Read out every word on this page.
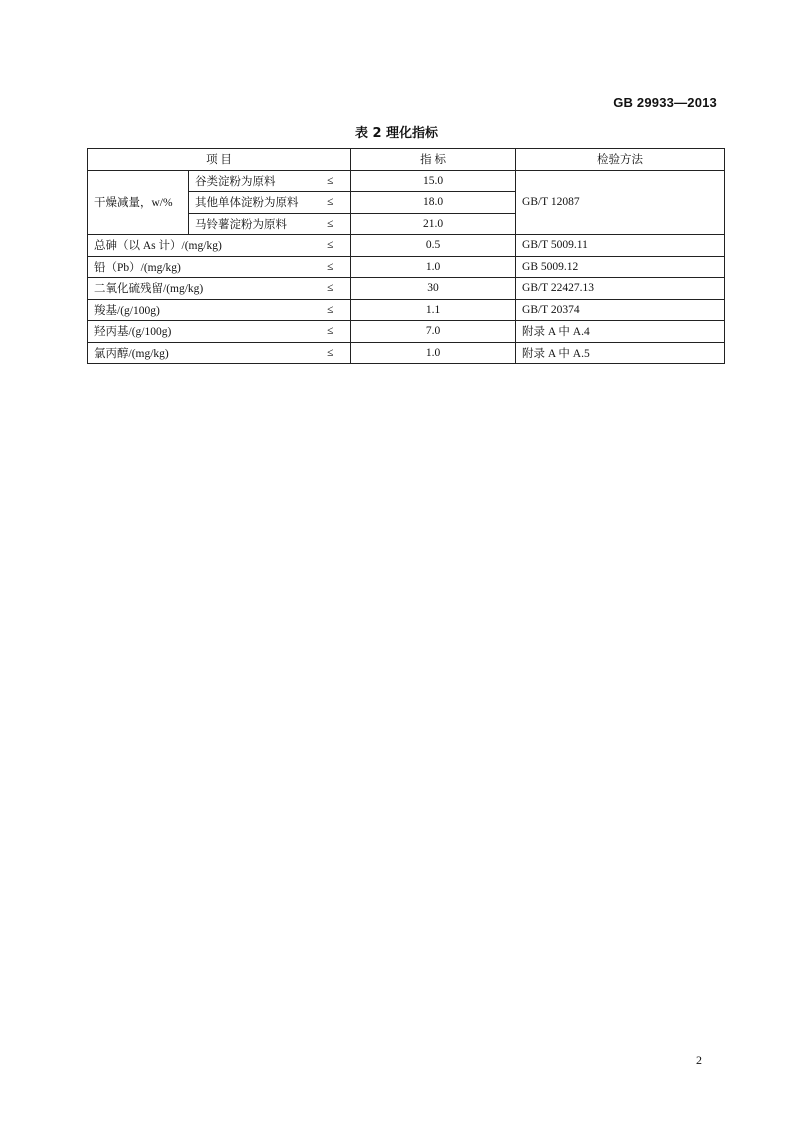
GB 29933—2013
表 2 理化指标
项 目			指 标	检验方法
干燥减量，w/%	谷类淀粉为原料	≤	15.0	GB/T 12087
	其他单体淀粉为原料	≤	18.0	
	马铃薯淀粉为原料	≤	21.0	
总砷（以 As 计）/(mg/kg)		≤	0.5	GB/T 5009.11
铅（Pb）/(mg/kg)		≤	1.0	GB 5009.12
二氧化硫残留/(mg/kg)		≤	30	GB/T 22427.13
羧基/(g/100g)		≤	1.1	GB/T 20374
羟丙基/(g/100g)		≤	7.0	附录 A 中 A.4
氯丙醇/(mg/kg)		≤	1.0	附录 A 中 A.5
2
